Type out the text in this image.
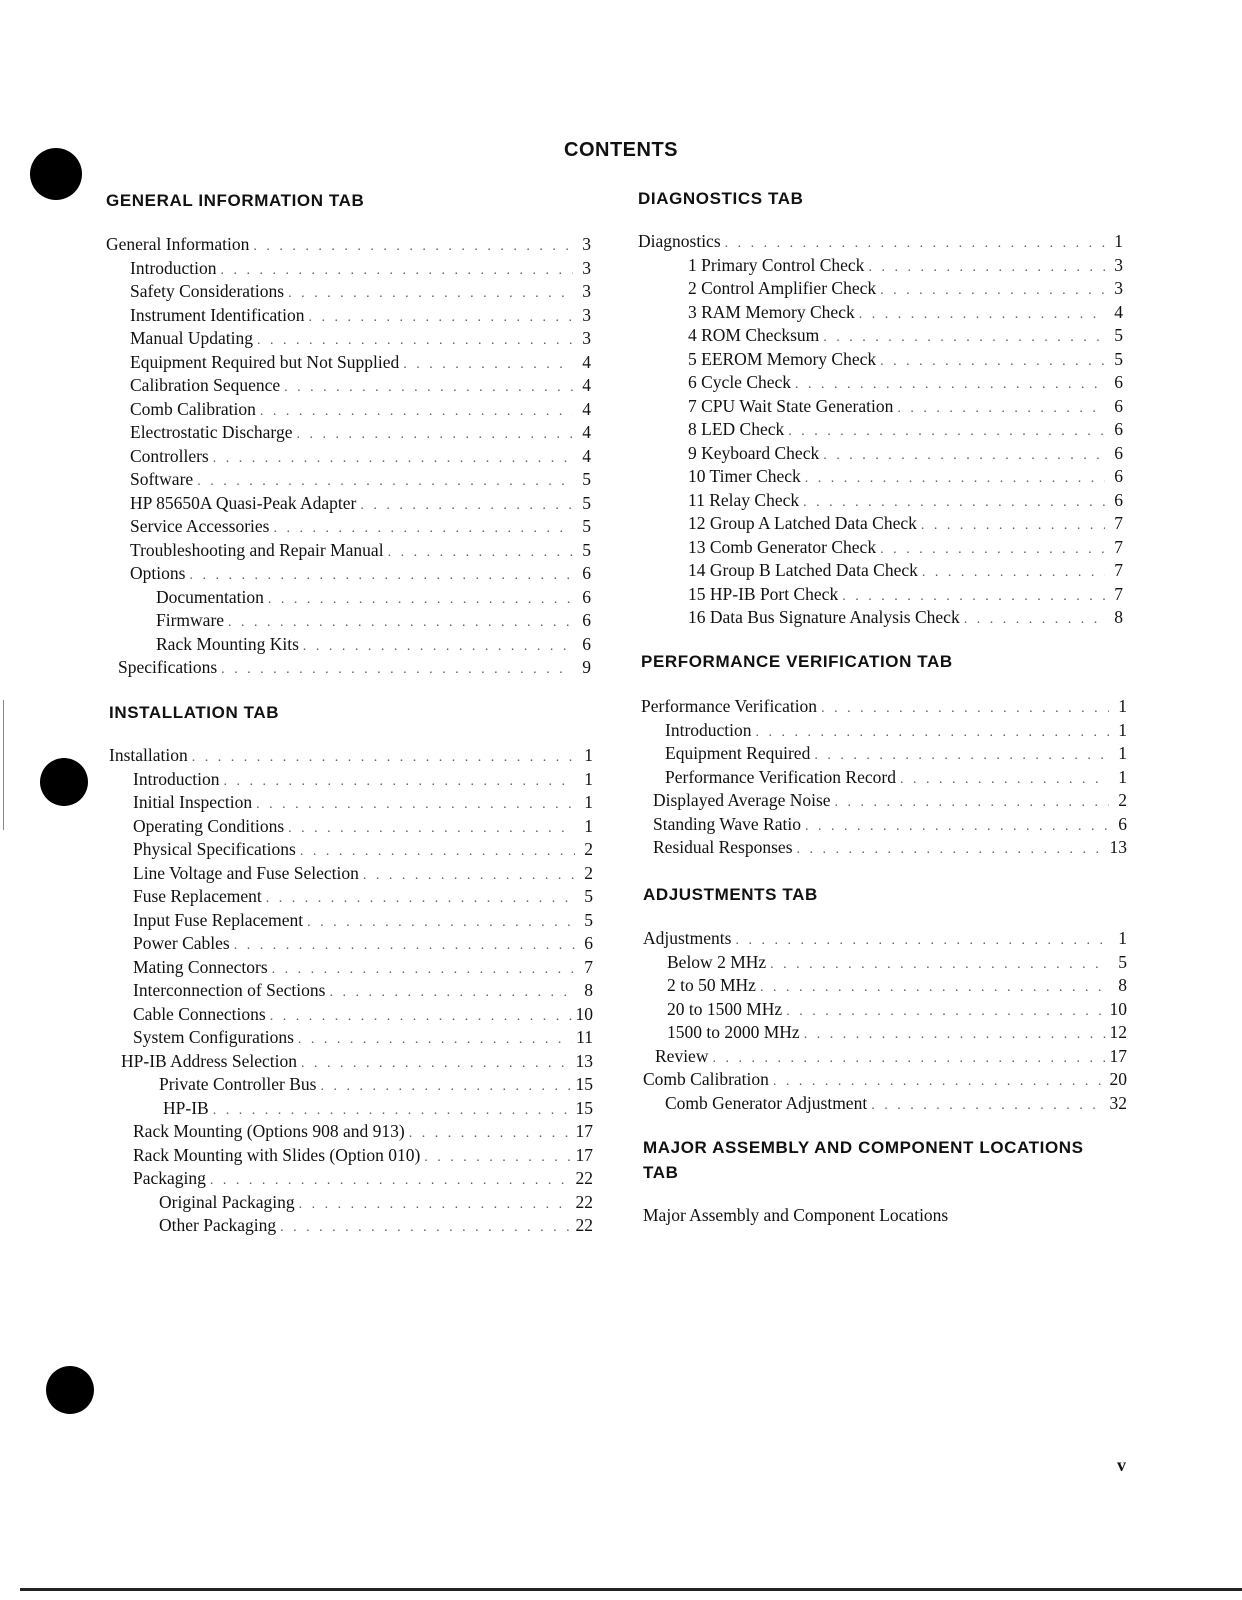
CONTENTS
GENERAL INFORMATION TAB
General Information . . .	3
Introduction . . .	3
Safety Considerations . . .	3
Instrument Identification . . .	3
Manual Updating . . .	3
Equipment Required but Not Supplied . . .	4
Calibration Sequence . . .	4
Comb Calibration . . .	4
Electrostatic Discharge . . .	4
Controllers . . .	4
Software . . .	5
HP 85650A Quasi-Peak Adapter . . .	5
Service Accessories . . .	5
Troubleshooting and Repair Manual . . .	5
Options . . .	6
Documentation . . .	6
Firmware . . .	6
Rack Mounting Kits . . .	6
Specifications . . .	9
INSTALLATION TAB
Installation . . .	1
Introduction . . .	1
Initial Inspection . . .	1
Operating Conditions . . .	1
Physical Specifications . . .	2
Line Voltage and Fuse Selection . . .	2
Fuse Replacement . . .	5
Input Fuse Replacement . . .	5
Power Cables . . .	6
Mating Connectors . . .	7
Interconnection of Sections . . .	8
Cable Connections . . .	10
System Configurations . . .	11
HP-IB Address Selection . . .	13
Private Controller Bus . . .	15
HP-IB . . .	15
Rack Mounting (Options 908 and 913) . . .	17
Rack Mounting with Slides (Option 010) . . .	17
Packaging . . .	22
Original Packaging . . .	22
Other Packaging . . .	22
DIAGNOSTICS TAB
Diagnostics . . .	1
1 Primary Control Check . . .	3
2 Control Amplifier Check . . .	3
3 RAM Memory Check . . .	4
4 ROM Checksum . . .	5
5 EEROM Memory Check . . .	5
6 Cycle Check . . .	6
7 CPU Wait State Generation . . .	6
8 LED Check . . .	6
9 Keyboard Check . . .	6
10 Timer Check . . .	6
11 Relay Check . . .	6
12 Group A Latched Data Check . . .	7
13 Comb Generator Check . . .	7
14 Group B Latched Data Check . . .	7
15 HP-IB Port Check . . .	7
16 Data Bus Signature Analysis Check . . .	8
PERFORMANCE VERIFICATION TAB
Performance Verification . . .	1
Introduction . . .	1
Equipment Required . . .	1
Performance Verification Record . . .	1
Displayed Average Noise . . .	2
Standing Wave Ratio . . .	6
Residual Responses . . .	13
ADJUSTMENTS TAB
Adjustments . . .	1
Below 2 MHz . . .	5
2 to 50 MHz . . .	8
20 to 1500 MHz . . .	10
1500 to 2000 MHz . . .	12
Review . . .	17
Comb Calibration . . .	20
Comb Generator Adjustment . . .	32
MAJOR ASSEMBLY AND COMPONENT LOCATIONS
TAB
Major Assembly and Component Locations
v
